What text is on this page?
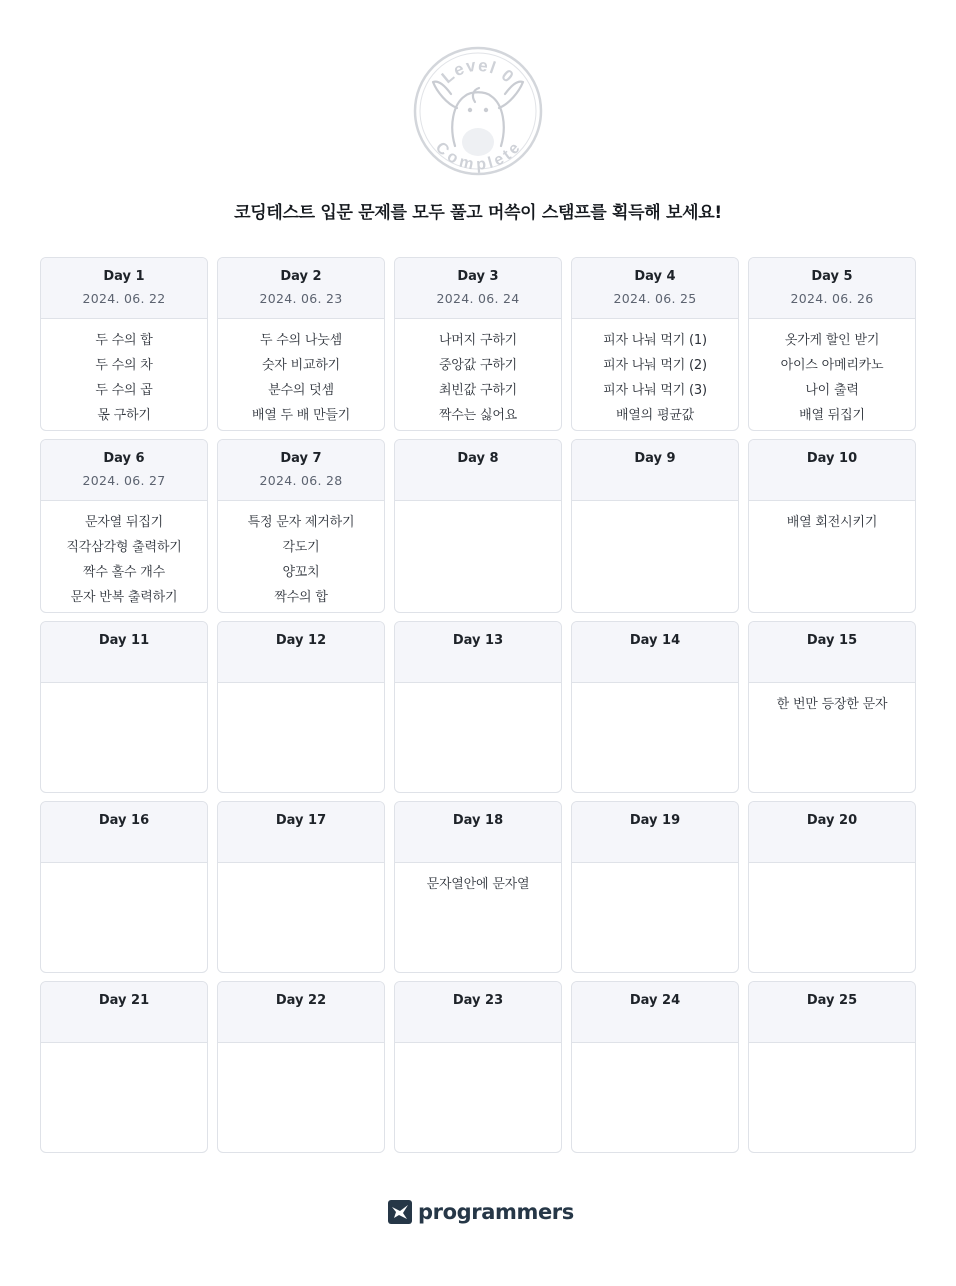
Level 0
Complete
코딩테스트 입문 문제를 모두 풀고 머쓱이 스탬프를 획득해 보세요!
Day 1
2024. 06. 22
두 수의 합
두 수의 차
두 수의 곱
몫 구하기
Day 2
2024. 06. 23
두 수의 나눗셈
숫자 비교하기
분수의 덧셈
배열 두 배 만들기
Day 3
2024. 06. 24
나머지 구하기
중앙값 구하기
최빈값 구하기
짝수는 싫어요
Day 4
2024. 06. 25
피자 나눠 먹기 (1)
피자 나눠 먹기 (2)
피자 나눠 먹기 (3)
배열의 평균값
Day 5
2024. 06. 26
옷가게 할인 받기
아이스 아메리카노
나이 출력
배열 뒤집기
Day 6
2024. 06. 27
문자열 뒤집기
직각삼각형 출력하기
짝수 홀수 개수
문자 반복 출력하기
Day 7
2024. 06. 28
특정 문자 제거하기
각도기
양꼬치
짝수의 합
Day 8	Day 9	Day 10
배열 회전시키기
Day 11	Day 12	Day 13	Day 14	Day 15
한 번만 등장한 문자
Day 16	Day 17	Day 18
문자열안에 문자열
Day 19	Day 20
Day 21	Day 22	Day 23	Day 24	Day 25
programmers
